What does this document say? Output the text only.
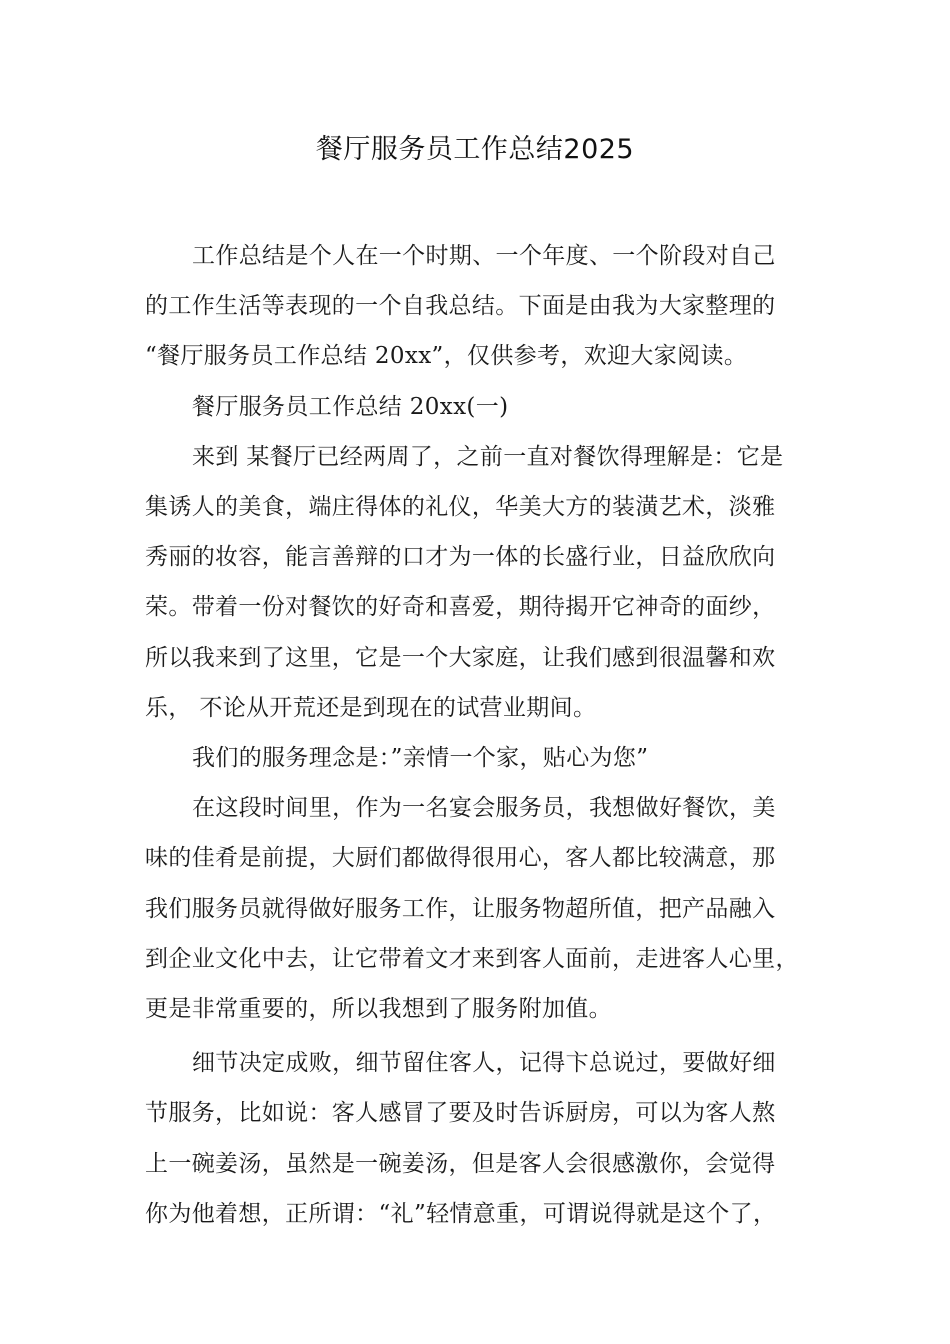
餐厅服务员工作总结2025

工作总结是个人在一个时期、一个年度、一个阶段对自己
的工作生活等表现的一个自我总结。下面是由我为大家整理的
“餐厅服务员工作总结 20xx”，仅供参考，欢迎大家阅读。

餐厅服务员工作总结 20xx(一)

来到 某餐厅已经两周了，之前一直对餐饮得理解是：它是
集诱人的美食，端庄得体的礼仪，华美大方的装潢艺术，淡雅
秀丽的妆容，能言善辩的口才为一体的长盛行业，日益欣欣向
荣。带着一份对餐饮的好奇和喜爱，期待揭开它神奇的面纱，
所以我来到了这里，它是一个大家庭，让我们感到很温馨和欢
乐， 不论从开荒还是到现在的试营业期间。

我们的服务理念是：”亲情一个家，贴心为您”

在这段时间里，作为一名宴会服务员，我想做好餐饮，美
味的佳肴是前提，大厨们都做得很用心，客人都比较满意，那
我们服务员就得做好服务工作，让服务物超所值，把产品融入
到企业文化中去，让它带着文才来到客人面前，走进客人心里，
更是非常重要的，所以我想到了服务附加值。

细节决定成败，细节留住客人，记得卞总说过，要做好细
节服务，比如说：客人感冒了要及时告诉厨房，可以为客人熬
上一碗姜汤，虽然是一碗姜汤，但是客人会很感激你，会觉得
你为他着想，正所谓：“礼”轻情意重，可谓说得就是这个了，
